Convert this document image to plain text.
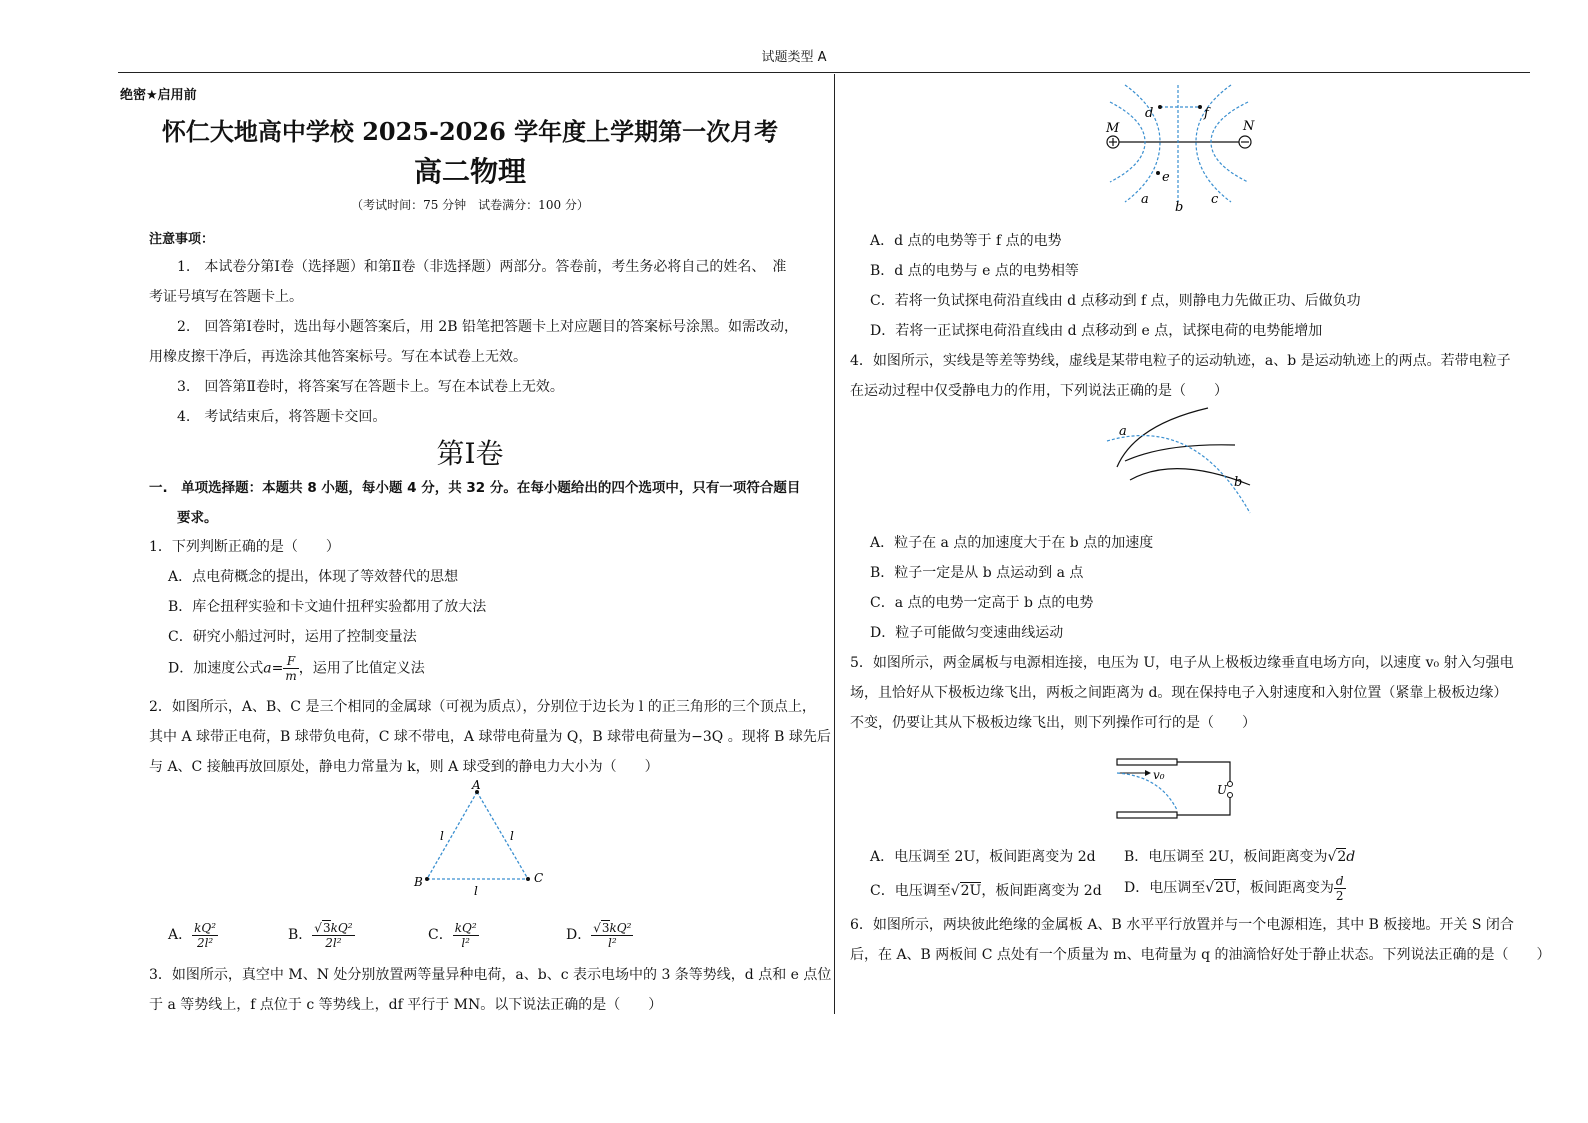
试题类型 A
绝密★启用前
怀仁大地高中学校 2025-2026 学年度上学期第一次月考
高二物理
（考试时间：75 分钟　试卷满分：100 分）
注意事项：
1.　本试卷分第Ⅰ卷（选择题）和第Ⅱ卷（非选择题）两部分。答卷前，考生务必将自己的姓名、　准
考证号填写在答题卡上。
2.　回答第Ⅰ卷时，选出每小题答案后，用 2B 铅笔把答题卡上对应题目的答案标号涂黑。如需改动，
用橡皮擦干净后，再选涂其他答案标号。写在本试卷上无效。
3.　回答第Ⅱ卷时，将答案写在答题卡上。写在本试卷上无效。
4.　考试结束后，将答题卡交回。
第Ⅰ卷
一.　单项选择题：本题共 8 小题，每小题 4 分，共 32 分。在每小题给出的四个选项中，只有一项符合题目
要求。
1．下列判断正确的是（　　）
A．点电荷概念的提出，体现了等效替代的思想
B．库仑扭秤实验和卡文迪什扭秤实验都用了放大法
C．研究小船过河时，运用了控制变量法
D．加速度公式$a= \frac{F}{m}$ ，运用了比值定义法
2．如图所示，A、B、C 是三个相同的金属球（可视为质点），分别位于边长为 l 的正三角形的三个顶点上，
其中 A 球带正电荷，B 球带负电荷，C 球不带电，A 球带电荷量为 Q，B 球带电荷量为−3Q 。现将 B 球先后
与 A、C 接触再放回原处，静电力常量为 k，则 A 球受到的静电力大小为（　　）
A
B	C
l	l
l
A． $\frac{\text{kQ²}}{\text{2l²}}$	B． $\frac{\text{√3kQ²}}{\text{2l²}}$	C． $\frac{\text{kQ²}}{\text{l²}}$	D． $\frac{\text{√3kQ²}}{\text{l²}}$
3．如图所示，真空中 M、N 处分别放置两等量异种电荷，a、b、c 表示电场中的 3 条等势线，d 点和 e 点位
于 a 等势线上，f 点位于 c 等势线上，df 平行于 MN。以下说法正确的是（　　）
d	f
e
M	N
a
b
c
A．d 点的电势等于 f 点的电势
B．d 点的电势与 e 点的电势相等
C．若将一负试探电荷沿直线由 d 点移动到 f 点，则静电力先做正功、后做负功
D．若将一正试探电荷沿直线由 d 点移动到 e 点，试探电荷的电势能增加
4．如图所示，实线是等差等势线，虚线是某带电粒子的运动轨迹，a、b 是运动轨迹上的两点。若带电粒子
在运动过程中仅受静电力的作用，下列说法正确的是（　　）
a
b
A．粒子在 a 点的加速度大于在 b 点的加速度
B．粒子一定是从 b 点运动到 a 点
C．a 点的电势一定高于 b 点的电势
D．粒子可能做匀变速曲线运动
5．如图所示，两金属板与电源相连接，电压为 U，电子从上极板边缘垂直电场方向，以速度 v₀ 射入匀强电
场，且恰好从下极板边缘飞出，两板之间距离为 d。现在保持电子入射速度和入射位置（紧靠上极板边缘）
不变，仍要让其从下极板边缘飞出，则下列操作可行的是（　　）
v₀
U
A．电压调至 2U，板间距离变为 2d B．电压调至 2U，板间距离变为√2d
C．电压调至√2U，板间距离变为 2d D．电压调至√2U，板间距离变为 $\frac{d}{2}$
6．如图所示，两块彼此绝缘的金属板 A、B 水平平行放置并与一个电源相连，其中 B 板接地。开关 S 闭合
后，在 A、B 两板间 C 点处有一个质量为 m、电荷量为 q 的油滴恰好处于静止状态。下列说法正确的是（　　）
